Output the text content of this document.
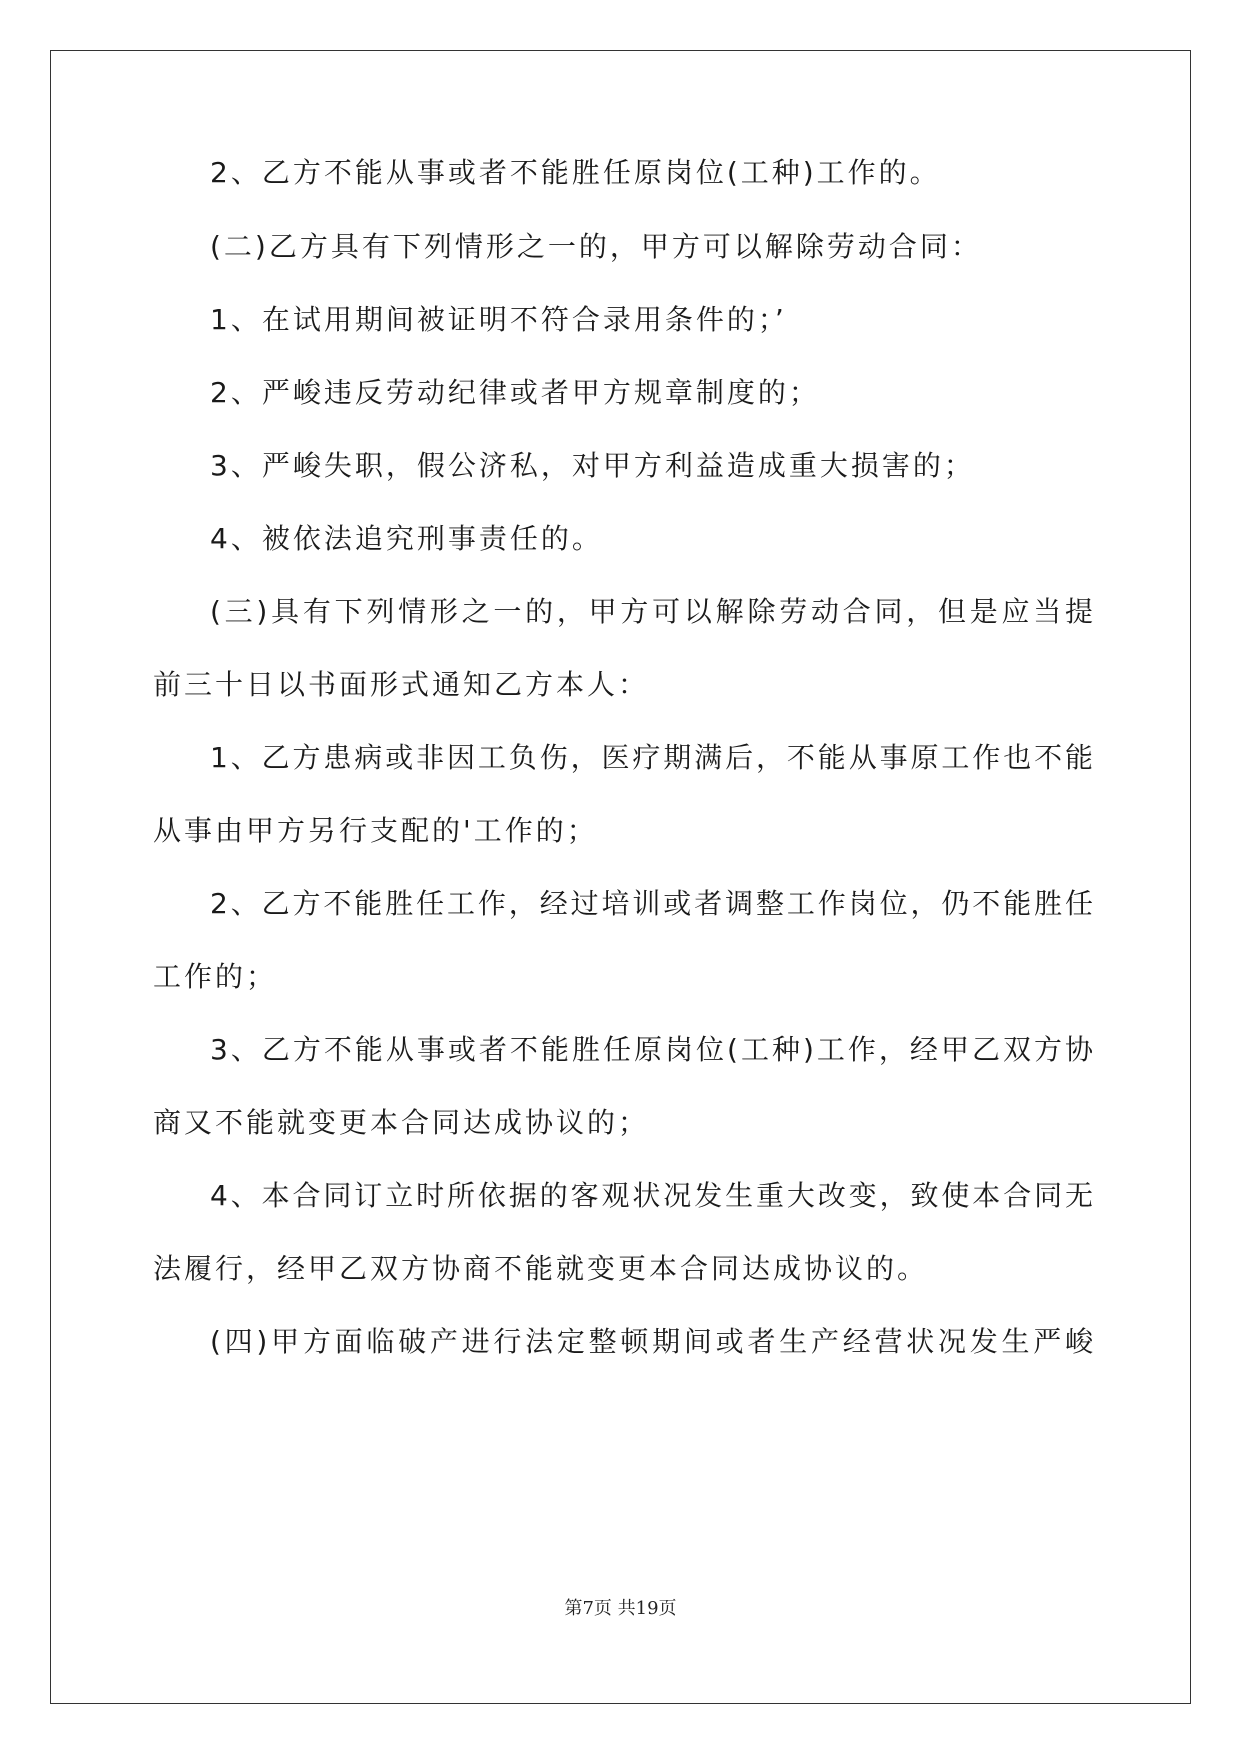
2、乙方不能从事或者不能胜任原岗位(工种)工作的。
(二)乙方具有下列情形之一的，甲方可以解除劳动合同：
1、在试用期间被证明不符合录用条件的；’
2、严峻违反劳动纪律或者甲方规章制度的；
3、严峻失职，假公济私，对甲方利益造成重大损害的；
4、被依法追究刑事责任的。
(三)具有下列情形之一的，甲方可以解除劳动合同，但是应当提
前三十日以书面形式通知乙方本人：
1、乙方患病或非因工负伤，医疗期满后，不能从事原工作也不能
从事由甲方另行支配的'工作的；
2、乙方不能胜任工作，经过培训或者调整工作岗位，仍不能胜任
工作的；
3、乙方不能从事或者不能胜任原岗位(工种)工作，经甲乙双方协
商又不能就变更本合同达成协议的；
4、本合同订立时所依据的客观状况发生重大改变，致使本合同无
法履行，经甲乙双方协商不能就变更本合同达成协议的。
(四)甲方面临破产进行法定整顿期间或者生产经营状况发生严峻
第7页 共19页
